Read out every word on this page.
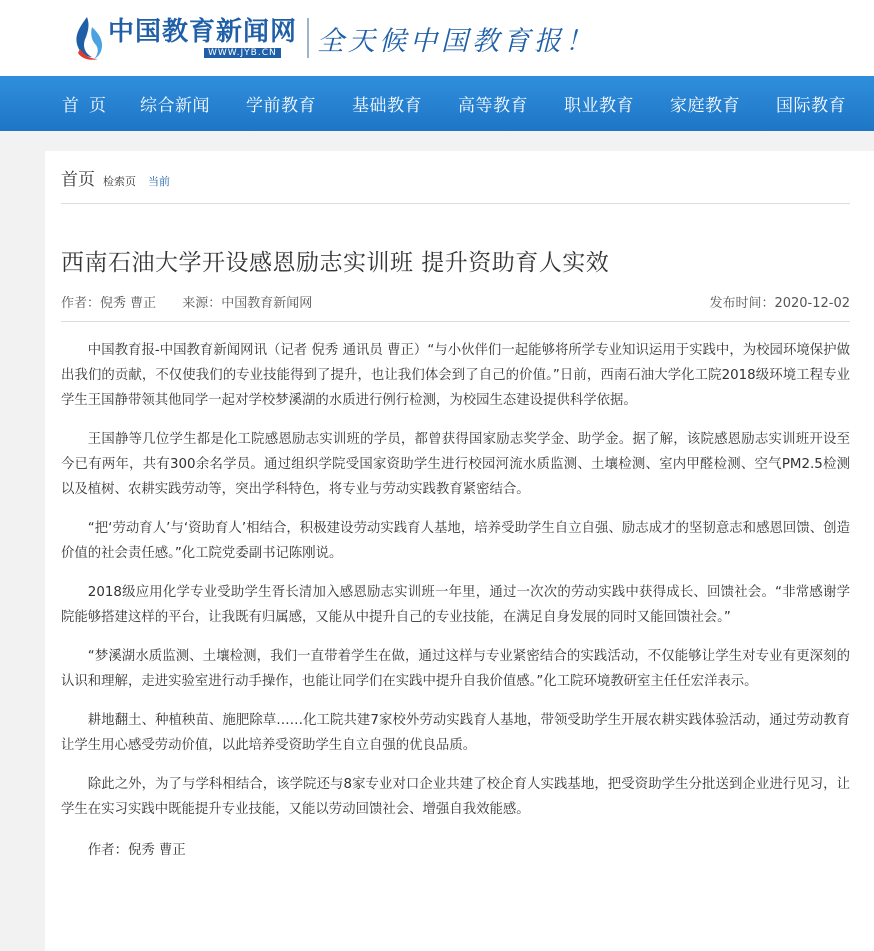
中国教育新闻网
WWW.JYB.CN 全天候中国教育报！
首页 综合新闻 学前教育 基础教育 高等教育 职业教育 家庭教育 国际教育
首页 检索页 当前
西南石油大学开设感恩励志实训班 提升资助育人实效
作者：倪秀 曹正 来源：中国教育新闻网	发布时间：2020-12-02

中国教育报-中国教育新闻网讯（记者 倪秀 通讯员 曹正）“与小伙伴们一起能够将所学专业知识运用于实践中，为校园环境保护做出我们的贡献，不仅使我们的专业技能得到了提升，也让我们体会到了自己的价值。”日前，西南石油大学化工院2018级环境工程专业学生王国静带领其他同学一起对学校梦溪湖的水质进行例行检测，为校园生态建设提供科学依据。

王国静等几位学生都是化工院感恩励志实训班的学员，都曾获得国家励志奖学金、助学金。据了解，该院感恩励志实训班开设至今已有两年，共有300余名学员。通过组织学院受国家资助学生进行校园河流水质监测、土壤检测、室内甲醛检测、空气PM2.5检测以及植树、农耕实践劳动等，突出学科特色，将专业与劳动实践教育紧密结合。

“把‘劳动育人’与‘资助育人’相结合，积极建设劳动实践育人基地，培养受助学生自立自强、励志成才的坚韧意志和感恩回馈、创造价值的社会责任感。”化工院党委副书记陈刚说。

2018级应用化学专业受助学生胥长清加入感恩励志实训班一年里，通过一次次的劳动实践中获得成长、回馈社会。“非常感谢学院能够搭建这样的平台，让我既有归属感，又能从中提升自己的专业技能，在满足自身发展的同时又能回馈社会。”

“梦溪湖水质监测、土壤检测，我们一直带着学生在做，通过这样与专业紧密结合的实践活动，不仅能够让学生对专业有更深刻的认识和理解，走进实验室进行动手操作，也能让同学们在实践中提升自我价值感。”化工院环境教研室主任任宏洋表示。

耕地翻土、种植秧苗、施肥除草……化工院共建7家校外劳动实践育人基地，带领受助学生开展农耕实践体验活动，通过劳动教育让学生用心感受劳动价值，以此培养受资助学生自立自强的优良品质。

除此之外，为了与学科相结合，该学院还与8家专业对口企业共建了校企育人实践基地，把受资助学生分批送到企业进行见习，让学生在实习实践中既能提升专业技能，又能以劳动回馈社会、增强自我效能感。

作者：倪秀 曹正
